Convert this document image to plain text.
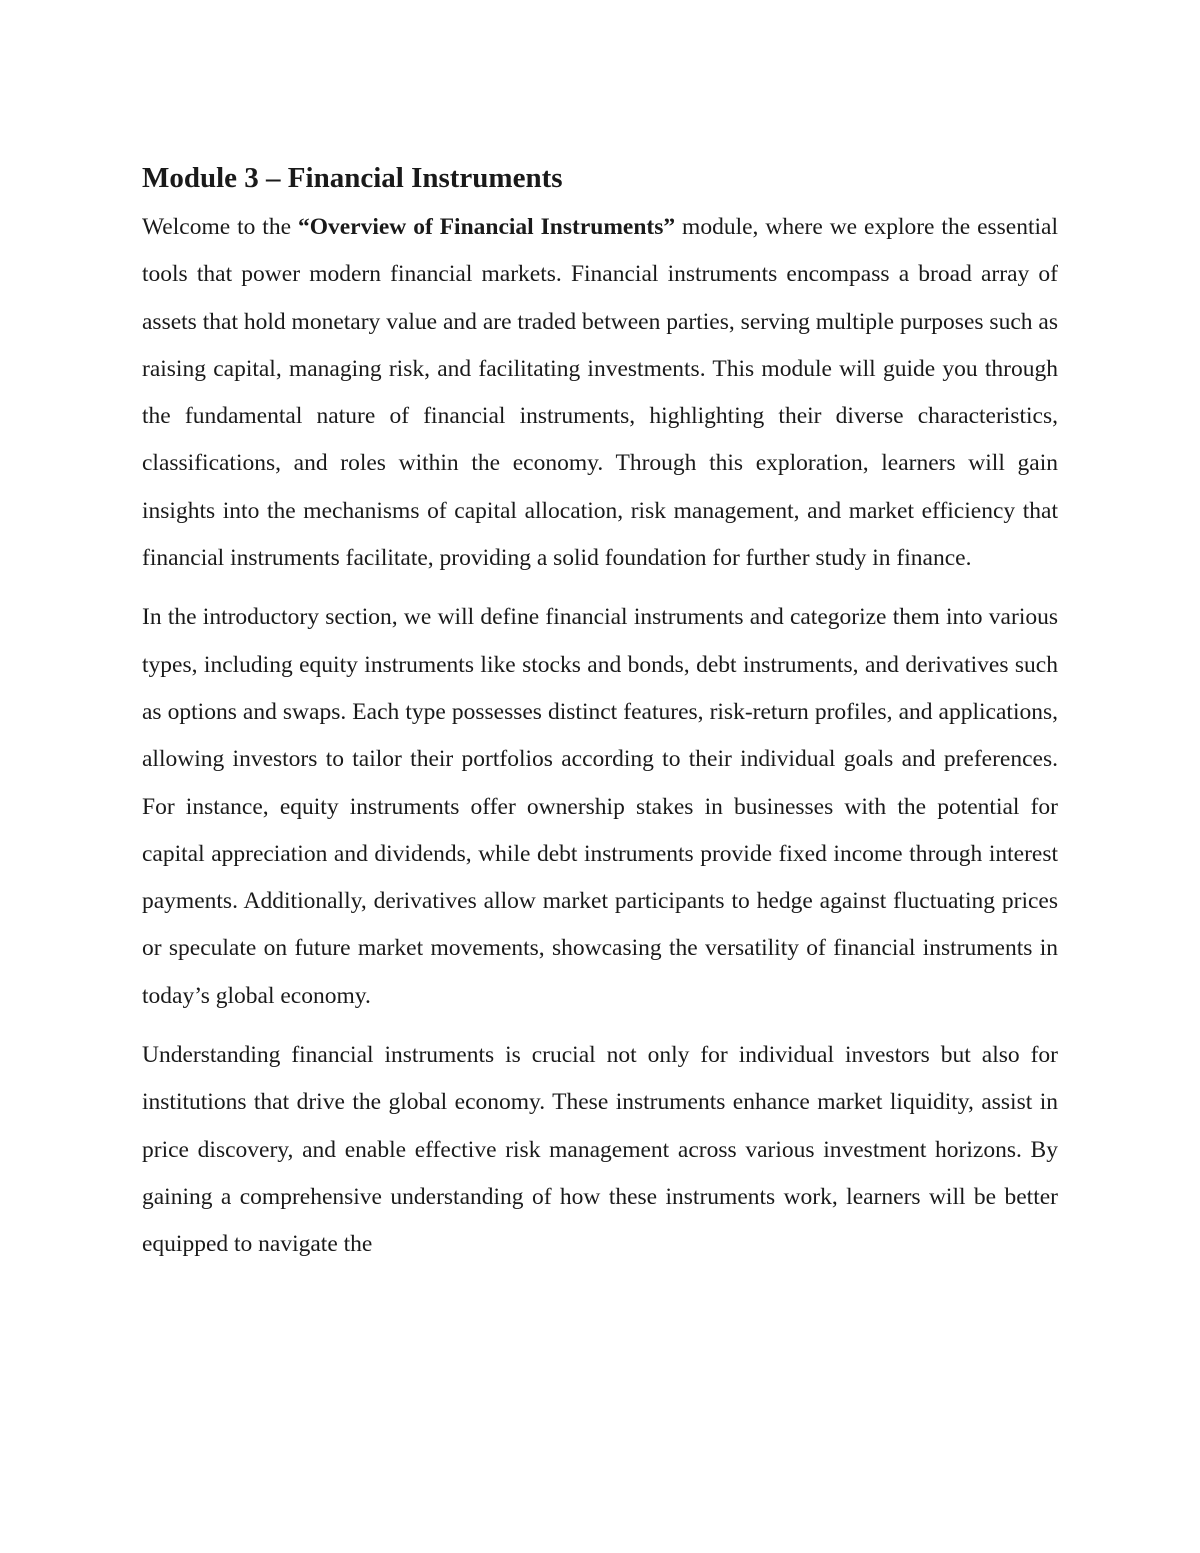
Module 3 – Financial Instruments

Welcome to the “Overview of Financial Instruments” module, where we explore the essential tools that power modern financial markets. Financial instruments encompass a broad array of assets that hold monetary value and are traded between parties, serving multiple purposes such as raising capital, managing risk, and facilitating investments. This module will guide you through the fundamental nature of financial instruments, highlighting their diverse characteristics, classifications, and roles within the economy. Through this exploration, learners will gain insights into the mechanisms of capital allocation, risk management, and market efficiency that financial instruments facilitate, providing a solid foundation for further study in finance.

In the introductory section, we will define financial instruments and categorize them into various types, including equity instruments like stocks and bonds, debt instruments, and derivatives such as options and swaps. Each type possesses distinct features, risk-return profiles, and applications, allowing investors to tailor their portfolios according to their individual goals and preferences. For instance, equity instruments offer ownership stakes in businesses with the potential for capital appreciation and dividends, while debt instruments provide fixed income through interest payments. Additionally, derivatives allow market participants to hedge against fluctuating prices or speculate on future market movements, showcasing the versatility of financial instruments in today’s global economy.

Understanding financial instruments is crucial not only for individual investors but also for institutions that drive the global economy. These instruments enhance market liquidity, assist in price discovery, and enable effective risk management across various investment horizons. By gaining a comprehensive understanding of how these instruments work, learners will be better equipped to navigate the
